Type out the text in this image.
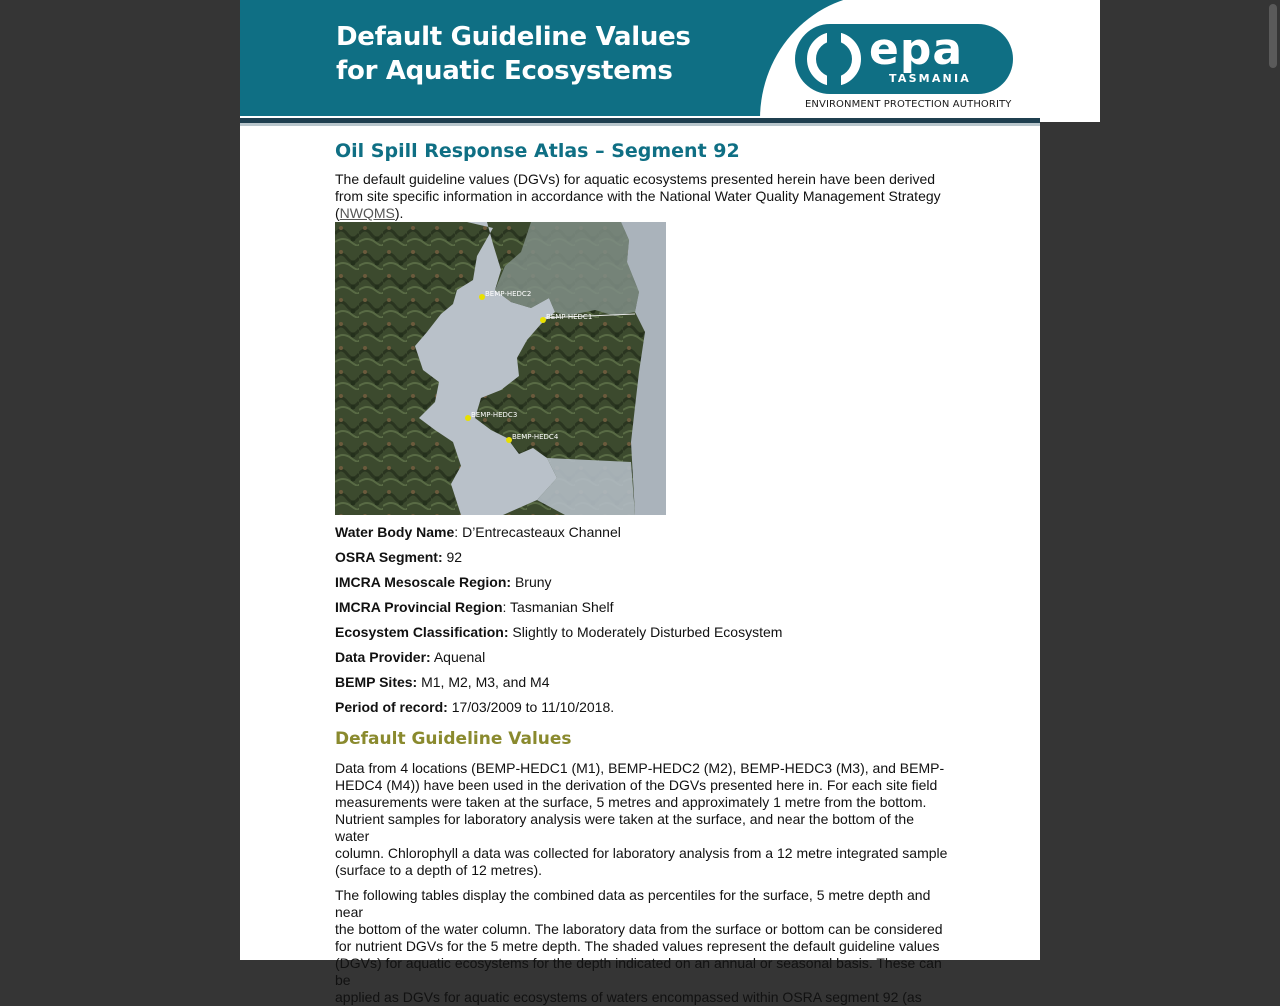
Default Guideline Values
for Aquatic Ecosystems	epa
TASMANIA
ENVIRONMENT PROTECTION AUTHORITY
Oil Spill Response Atlas – Segment 92

The default guideline values (DGVs) for aquatic ecosystems presented herein have been derived from site specific information in accordance with the National Water Quality Management Strategy (NWQMS).

BEMP-HEDC2
BEMP-HEDC1
BEMP-HEDC3
BEMP-HEDC4
Water Body Name: D’Entrecasteaux Channel
OSRA Segment: 92
IMCRA Mesoscale Region: Bruny
IMCRA Provincial Region: Tasmanian Shelf
Ecosystem Classification: Slightly to Moderately Disturbed Ecosystem
Data Provider: Aquenal
BEMP Sites: M1, M2, M3, and M4
Period of record: 17/03/2009 to 11/10/2018.
Default Guideline Values
Data from 4 locations (BEMP-HEDC1 (M1), BEMP-HEDC2 (M2), BEMP-HEDC3 (M3), and BEMP-
HEDC4 (M4)) have been used in the derivation of the DGVs presented here in. For each site field
measurements were taken at the surface, 5 metres and approximately 1 metre from the bottom.
Nutrient samples for laboratory analysis were taken at the surface, and near the bottom of the water
column. Chlorophyll a data was collected for laboratory analysis from a 12 metre integrated sample
(surface to a depth of 12 metres).
The following tables display the combined data as percentiles for the surface, 5 metre depth and near
the bottom of the water column. The laboratory data from the surface or bottom can be considered
for nutrient DGVs for the 5 metre depth. The shaded values represent the default guideline values
(DGVs) for aquatic ecosystems for the depth indicated on an annual or seasonal basis. These can be
applied as DGVs for aquatic ecosystems of waters encompassed within OSRA segment 92 (as
